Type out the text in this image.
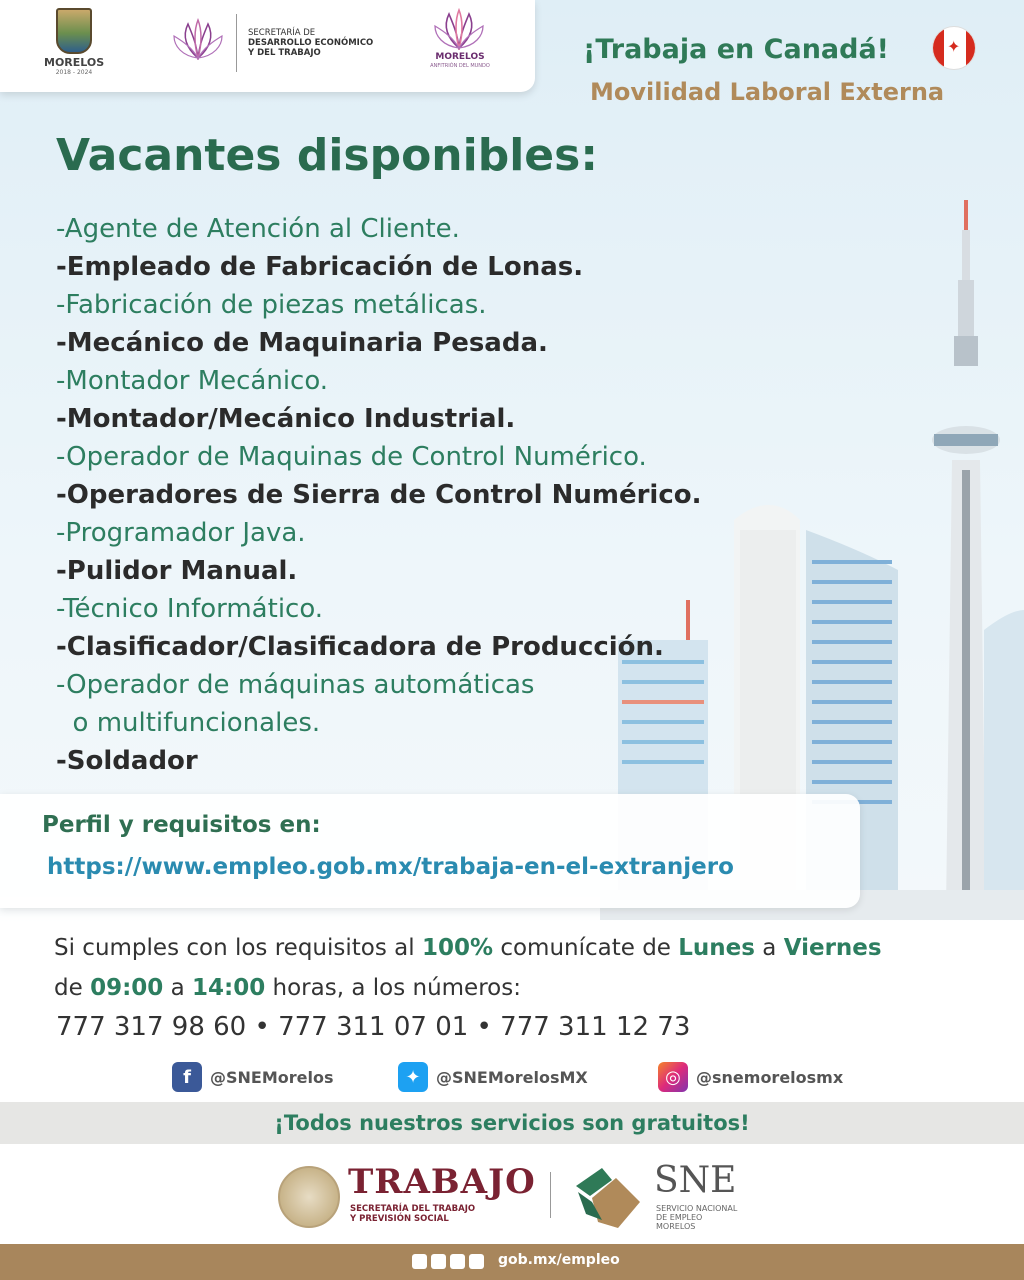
MORELOS
2018 - 2024
SECRETARÍA DE
DESARROLLO ECONÓMICO
Y DEL TRABAJO	MORELOS
ANFITRIÓN DEL MUNDO
¡Trabaja en Canadá!	✦
Movilidad Laboral Externa
Vacantes disponibles:
-Agente de Atención al Cliente.
-Empleado de Fabricación de Lonas.
-Fabricación de piezas metálicas.
-Mecánico de Maquinaria Pesada.
-Montador Mecánico.
-Montador/Mecánico Industrial.
-Operador de Maquinas de Control Numérico.
-Operadores de Sierra de Control Numérico.
-Programador Java.
-Pulidor Manual.
-Técnico Informático.
-Clasificador/Clasificadora de Producción.
-Operador de máquinas automáticas
o multifuncionales.
-Soldador
Perfil y requisitos en:
https://www.empleo.gob.mx/trabaja-en-el-extranjero
Si cumples con los requisitos al 100% comunícate de Lunes a Viernes
de 09:00 a 14:00 horas, a los números:
777 317 98 60 • 777 311 07 01 • 777 311 12 73
f	@SNEMorelos	✦ @SNEMorelosMX	◎ @snemorelosmx
¡Todos nuestros servicios son gratuitos!
TRABAJO
SECRETARÍA DEL TRABAJO
Y PREVISIÓN SOCIAL
SNE
SERVICIO NACIONAL
DE EMPLEO
MORELOS
gob.mx/empleo
